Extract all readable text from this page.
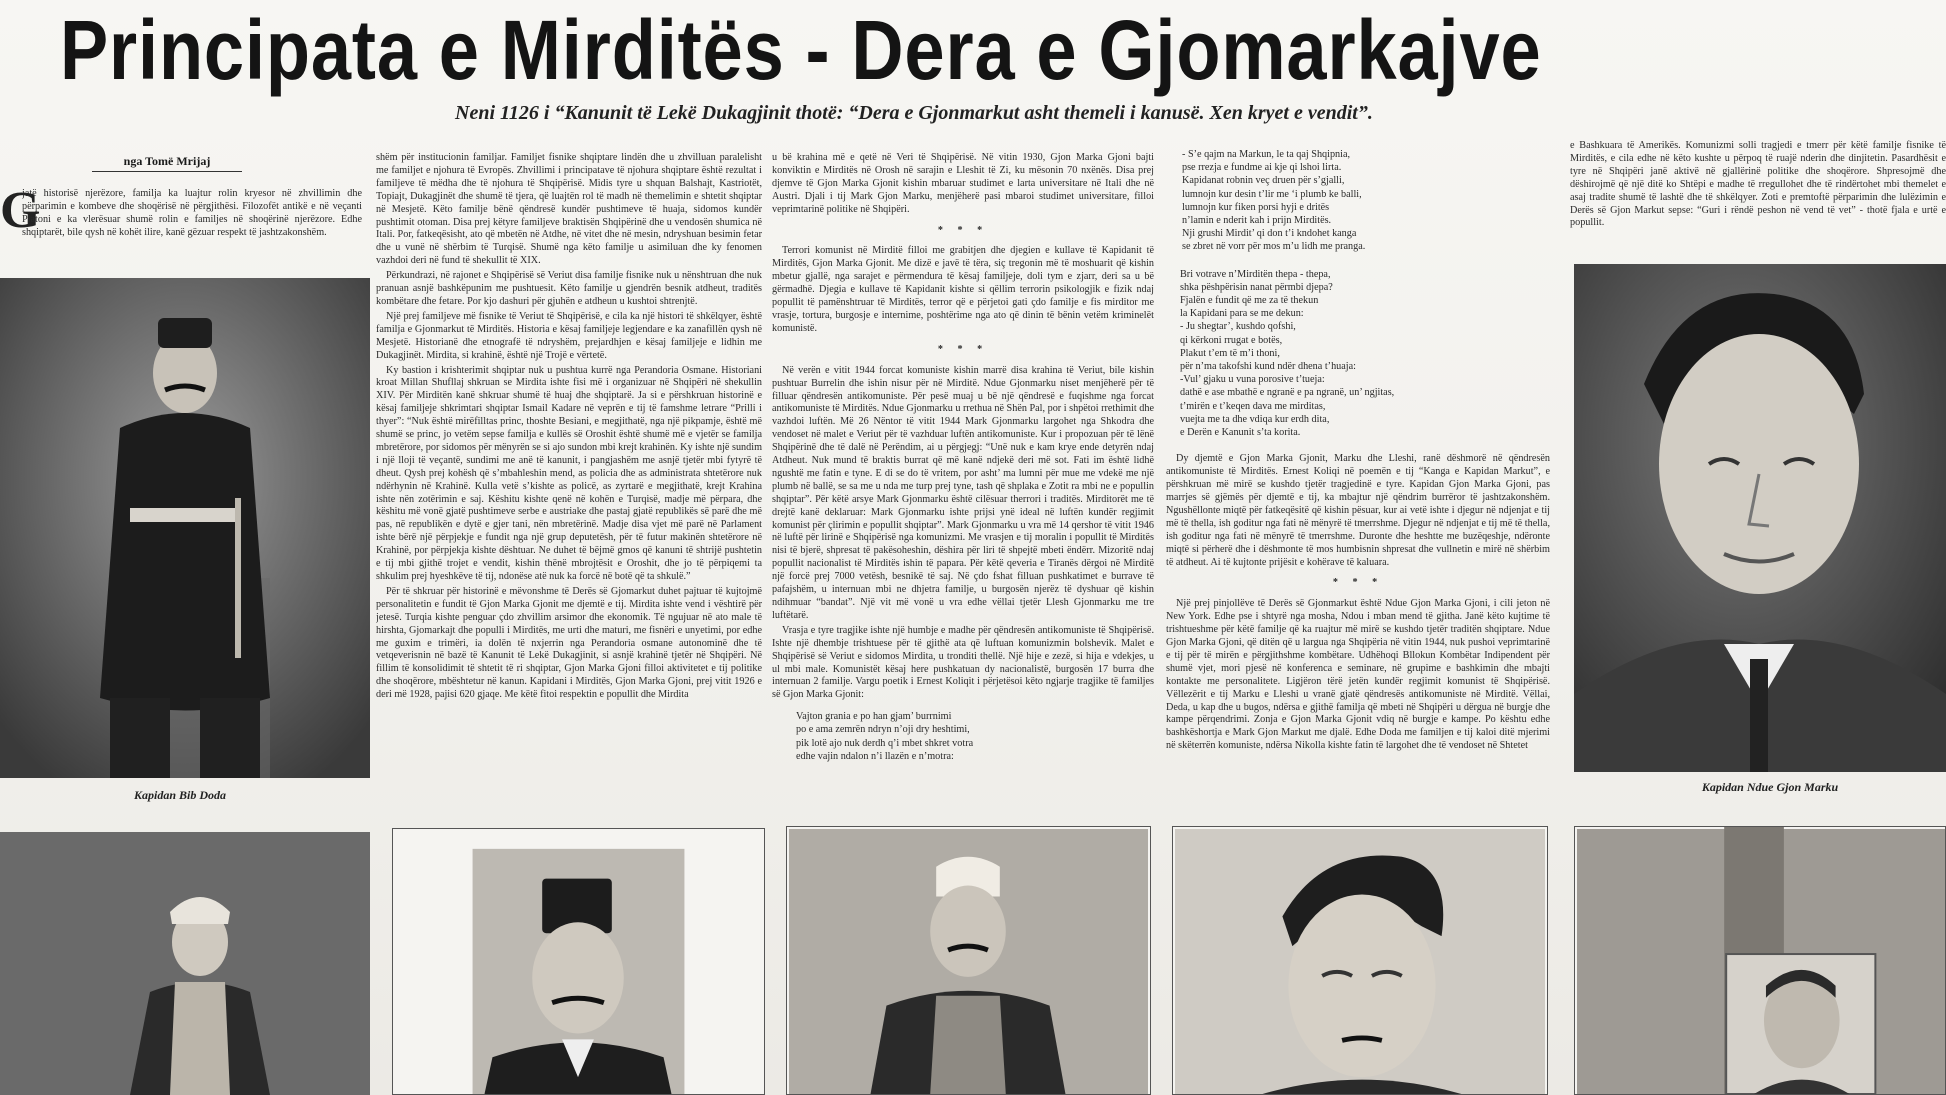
Principata e Mirditës - Dera e Gjomarkajve
Neni 1126 i “Kanunit të Lekë Dukagjinit thotë: “Dera e Gjonmarkut asht themeli i kanusë. Xen kryet e vendit”.
nga Tomë Mrijaj
G

jatë historisë njerëzore, familja ka luajtur rolin kryesor në zhvillimin dhe përparimin e kombeve dhe shoqërisë në përgjithësi. Filozofët antikë e në veçanti Platoni e ka vlerësuar shumë rolin e familjes në shoqërinë njerëzore. Edhe shqiptarët, bile qysh në kohët ilire, kanë gëzuar respekt të jashtzakonshëm.

Kapidan Bib Doda

shëm për institucionin familjar. Familjet fisnike shqiptare lindën dhe u zhvilluan paralelisht me familjet e njohura të Evropës. Zhvillimi i principatave të njohura shqiptare është rezultat i familjeve të mëdha dhe të njohura të Shqipërisë. Midis tyre u shquan Balshajt, Kastriotët, Topiajt, Dukagjinët dhe shumë të tjera, që luajtën rol të madh në themelimin e shtetit shqiptar në Mesjetë. Këto familje bënë qëndresë kundër pushtimeve të huaja, sidomos kundër pushtimit otoman. Disa prej këtyre familjeve braktisën Shqipërinë dhe u vendosën shumica në Itali. Por, fatkeqësisht, ato që mbetën në Atdhe, në vitet dhe në mesin, ndryshuan besimin fetar dhe u vunë në shërbim të Turqisë. Shumë nga këto familje u asimiluan dhe ky fenomen vazhdoi deri në fund të shekullit të XIX.

Përkundrazi, në rajonet e Shqipërisë së Veriut disa familje fisnike nuk u nënshtruan dhe nuk pranuan asnjë bashkëpunim me pushtuesit. Këto familje u gjendrën besnik atdheut, traditës kombëtare dhe fetare. Por kjo dashuri për gjuhën e atdheun u kushtoi shtrenjtë.

Një prej familjeve më fisnike të Veriut të Shqipërisë, e cila ka një histori të shkëlqyer, është familja e Gjonmarkut të Mirditës. Historia e kësaj familjeje legjendare e ka zanafillën qysh në Mesjetë. Historianë dhe etnografë të ndryshëm, prejardhjen e kësaj familjeje e lidhin me Dukagjinët. Mirdita, si krahinë, është një Trojë e vërtetë.

Ky bastion i krishterimit shqiptar nuk u pushtua kurrë nga Perandoria Osmane. Historiani kroat Millan Shufllaj shkruan se Mirdita ishte fisi më i organizuar në Shqipëri në shekullin XIV. Për Mirditën kanë shkruar shumë të huaj dhe shqiptarë. Ja si e përshkruan historinë e kësaj familjeje shkrimtari shqiptar Ismail Kadare në veprën e tij të famshme letrare “Prilli i thyer”: “Nuk është mirëfilltas princ, thoshte Besiani, e megjithatë, nga një pikpamje, është më shumë se princ, jo vetëm sepse familja e kullës së Oroshit është shumë më e vjetër se familja mbretërore, por sidomos për mënyrën se si ajo sundon mbi krejt krahinën. Ky ishte një sundim i një lloji të veçantë, sundimi me anë të kanunit, i pangjashëm me asnjë tjetër mbi fytyrë të dheut. Qysh prej kohësh që s’mbahleshin mend, as policia dhe as administrata shtetërore nuk ndërhynin në Krahinë. Kulla vetë s’kishte as policë, as zyrtarë e megjithatë, krejt Krahina ishte nën zotërimin e saj. Këshitu kishte qenë në kohën e Turqisë, madje më përpara, dhe këshitu më vonë gjatë pushtimeve serbe e austriake dhe pastaj gjatë republikës së parë dhe më pas, në republikën e dytë e gjer tani, nën mbretërinë. Madje disa vjet më parë në Parlament ishte bërë një përpjekje e fundit nga një grup deputetësh, për të futur makinën shtetërore në Krahinë, por përpjekja kishte dështuar. Ne duhet të bëjmë gmos që kanuni të shtrijë pushtetin e tij mbi gjithë trojet e vendit, kishin thënë mbrojtësit e Oroshit, dhe jo të përpiqemi ta shkulim prej hyeshkëve të tij, ndonëse atë nuk ka forcë në botë që ta shkulë.”

Për të shkruar për historinë e mëvonshme të Derës së Gjomarkut duhet pajtuar të kujtojmë personalitetin e fundit të Gjon Marka Gjonit me djemtë e tij. Mirdita ishte vend i vështirë për jetesë. Turqia kishte penguar çdo zhvillim arsimor dhe ekonomik. Të ngujuar në ato male të hirshta, Gjomarkajt dhe populli i Mirditës, me urti dhe maturi, me fisnëri e unyetimi, por edhe me guxim e trimëri, ia dolën të nxjerrin nga Perandoria osmane autonominë dhe të vetqeverisnin në bazë të Kanunit të Lekë Dukagjinit, si asnjë krahinë tjetër në Shqipëri. Në fillim të konsolidimit të shtetit të ri shqiptar, Gjon Marka Gjoni filloi aktivitetet e tij politike dhe shoqërore, mbështetur në kanun. Kapidani i Mirditës, Gjon Marka Gjoni, prej vitit 1926 e deri më 1928, pajisi 620 gjaqe. Me këtë fitoi respektin e popullit dhe Mirdita

u bë krahina më e qetë në Veri të Shqipërisë. Në vitin 1930, Gjon Marka Gjoni bajti konviktin e Mirditës në Orosh në sarajin e Lleshit të Zi, ku mësonin 70 nxënës. Disa prej djemve të Gjon Marka Gjonit kishin mbaruar studimet e larta universitare në Itali dhe në Austri. Djali i tij Mark Gjon Marku, menjëherë pasi mbaroi studimet universitare, filloi veprimtarinë politike në Shqipëri.

* * *

Terrori komunist në Mirditë filloi me grabitjen dhe djegien e kullave të Kapidanit të Mirditës, Gjon Marka Gjonit. Me dizë e javë të tëra, siç tregonin më të moshuarit që kishin mbetur gjallë, nga sarajet e përmendura të kësaj familjeje, doli tym e zjarr, deri sa u bë gërmadhë. Djegia e kullave të Kapidanit kishte si qëllim terrorin psikologjik e fizik ndaj popullit të pamënshtruar të Mirditës, terror që e përjetoi gati çdo familje e fis mirditor me vrasje, tortura, burgosje e internime, poshtërime nga ato që dinin të bënin vetëm kriminelët komunistë.

* * *

Në verën e vitit 1944 forcat komuniste kishin marrë disa krahina të Veriut, bile kishin pushtuar Burrelin dhe ishin nisur për në Mirditë. Ndue Gjonmarku niset menjëherë për të filluar qëndresën antikomuniste. Për pesë muaj u bë një qëndresë e fuqishme nga forcat antikomuniste të Mirditës. Ndue Gjonmarku u rrethua në Shën Pal, por i shpëtoi rrethimit dhe vazhdoi luftën. Më 26 Nëntor të vitit 1944 Mark Gjonmarku largohet nga Shkodra dhe vendoset në malet e Veriut për të vazhduar luftën antikomuniste. Kur i propozuan për të lënë Shqipërinë dhe të dalë në Perëndim, ai u përgjegj: “Unë nuk e kam krye ende detyrën ndaj Atdheut. Nuk mund të braktis burrat që më kanë ndjekë deri më sot. Fati im është lidhë ngushtë me fatin e tyne. E di se do të vritem, por asht’ ma lumni për mue me vdekë me një plumb në ballë, se sa me u nda me turp prej tyne, tash që shplaka e Zotit ra mbi ne e popullin shqiptar”. Për këtë arsye Mark Gjonmarku është cilësuar therrori i traditës. Mirditorët me të drejtë kanë deklaruar: Mark Gjonmarku ishte prijsi ynë ideal në luftën kundër regjimit komunist për çlirimin e popullit shqiptar”. Mark Gjonmarku u vra më 14 qershor të vitit 1946 në luftë për lirinë e Shqipërisë nga komunizmi. Me vrasjen e tij moralin i popullit të Mirditës nisi të bjerë, shpresat të pakësoheshin, dëshira për liri të shpejtë mbeti ëndërr. Mizoritë ndaj popullit nacionalist të Mirditës ishin të papara. Për këtë qeveria e Tiranës dërgoi në Mirditë një forcë prej 7000 vetësh, besnikë të saj. Në çdo fshat filluan pushkatimet e burrave të pafajshëm, u internuan mbi ne dhjetra familje, u burgosën njerëz të dyshuar që kishin ndihmuar “bandat”. Një vit më vonë u vra edhe vëllai tjetër Llesh Gjonmarku me tre luftëtarë.

Vrasja e tyre tragjike ishte një humbje e madhe për qëndresën antikomuniste të Shqipërisë. Ishte një dhembje trishtuese për të gjithë ata që luftuan komunizmin bolshevik. Malet e Shqipërisë së Veriut e sidomos Mirdita, u tronditi thellë. Një hije e zezë, si hija e vdekjes, u ul mbi male. Komunistët kësaj here pushkatuan dy nacionalistë, burgosën 17 burra dhe internuan 2 familje. Vargu poetik i Ernest Koliqit i përjetësoi këto ngjarje tragjike të familjes së Gjon Marka Gjonit:

Vajton grania e po han gjam’ burrnimi
po e ama zemrën ndryn n’oji dry heshtimi,
pik lotë ajo nuk derdh q’i mbet shkret votra
edhe vajin ndalon n’i llazën e n’motra:
- S’e qajm na Markun, le ta qaj Shqipnia,
pse rrezja e fundme ai kje qi lshoi lirta.
Kapidanat robnin veç druen për s’gjalli,
lumnojn kur desin t’lir me ‘i plumb ke balli,
lumnojn kur fiken porsi hyji e dritës
n’lamin e nderit kah i prijn Mirditës.
Nji grushi Mirdit’ qi don t’i kndohet kanga
se zbret në vorr për mos m’u lidh me pranga.
Bri votrave n’Mirditën thepa - thepa,
shka pëshpërisin nanat përmbi djepa?
Fjalën e fundit që me za të thekun
la Kapidani para se me dekun:
- Ju shegtar’, kushdo qofshi,
qi kërkoni rrugat e botës,
Plakut t’em të m’i thoni,
për n’ma takofshi kund ndër dhena t’huaja:
-Vul’ gjaku u vuna porosive t’tueja:
dathë e ase mbathë e ngranë e pa ngranë, un’ ngjitas,
t’mirën e t’keqen dava me mirditas,
vuejta me ta dhe vdiqa kur erdh dita,
e Derën e Kanunit s’ta korita.

Dy djemtë e Gjon Marka Gjonit, Marku dhe Lleshi, ranë dëshmorë në qëndresën antikomuniste të Mirditës. Ernest Koliqi në poemën e tij “Kanga e Kapidan Markut”, e përshkruan më mirë se kushdo tjetër tragjedinë e tyre. Kapidan Gjon Marka Gjoni, pas marrjes së gjëmës për djemtë e tij, ka mbajtur një qëndrim burrëror të jashtzakonshëm. Ngushëllonte miqtë për fatkeqësitë që kishin pësuar, kur ai vetë ishte i djegur në ndjenjat e tij më të thella, ish goditur nga fati në mënyrë të tmerrshme. Djegur në ndjenjat e tij më të thella, ish goditur nga fati në mënyrë të tmerrshme. Duronte dhe heshtte me buzëqeshje, ndëronte miqtë si përherë dhe i dëshmonte të mos humbisnin shpresat dhe vullnetin e mirë në shërbim të atdheut. Ai të kujtonte prijësit e kohërave të kaluara.

* * *

Një prej pinjollëve të Derës së Gjonmarkut është Ndue Gjon Marka Gjoni, i cili jeton në New York. Edhe pse i shtyrë nga mosha, Ndou i mban mend të gjitha. Janë këto kujtime të trishtueshme për këtë familje që ka ruajtur më mirë se kushdo tjetër traditën shqiptare. Ndue Gjon Marka Gjoni, që ditën që u largua nga Shqipëria në vitin 1944, nuk pushoi veprimtarinë e tij për të mirën e përgjithshme kombëtare. Udhëhoqi Bllokun Kombëtar Indipendent për shumë vjet, mori pjesë në konferenca e seminare, në grupime e bashkimin dhe mbajti kontakte me personalitete. Ligjëron tërë jetën kundër regjimit komunist të Shqipërisë. Vëllezërit e tij Marku e Lleshi u vranë gjatë qëndresës antikomuniste në Mirditë. Vëllai, Deda, u kap dhe u bugos, ndërsa e gjithë familja që mbeti në Shqipëri u dërgua në burgje dhe kampe përqendrimi. Zonja e Gjon Marka Gjonit vdiq në burgje e kampe. Po kështu edhe bashkëshortja e Mark Gjon Markut me djalë. Edhe Doda me familjen e tij kaloi ditë mjerimi në skëterrën komuniste, ndërsa Nikolla kishte fatin të largohet dhe të vendoset në Shtetet

e Bashkuara të Amerikës. Komunizmi solli tragjedi e tmerr për këtë familje fisnike të Mirditës, e cila edhe në këto kushte u përpoq të ruajë nderin dhe dinjitetin. Pasardhësit e tyre në Shqipëri janë aktivë në gjallërinë politike dhe shoqërore. Shpresojmë dhe dëshirojmë që një ditë ko Shtëpi e madhe të rregullohet dhe të rindërtohet mbi themelet e asaj tradite shumë të lashtë dhe të shkëlqyer. Zoti e premtoftë përparimin dhe lulëzimin e Derës së Gjon Markut sepse: “Guri i rëndë peshon në vend të vet” - thotë fjala e urtë e popullit.

Kapidan Ndue Gjon Marku
